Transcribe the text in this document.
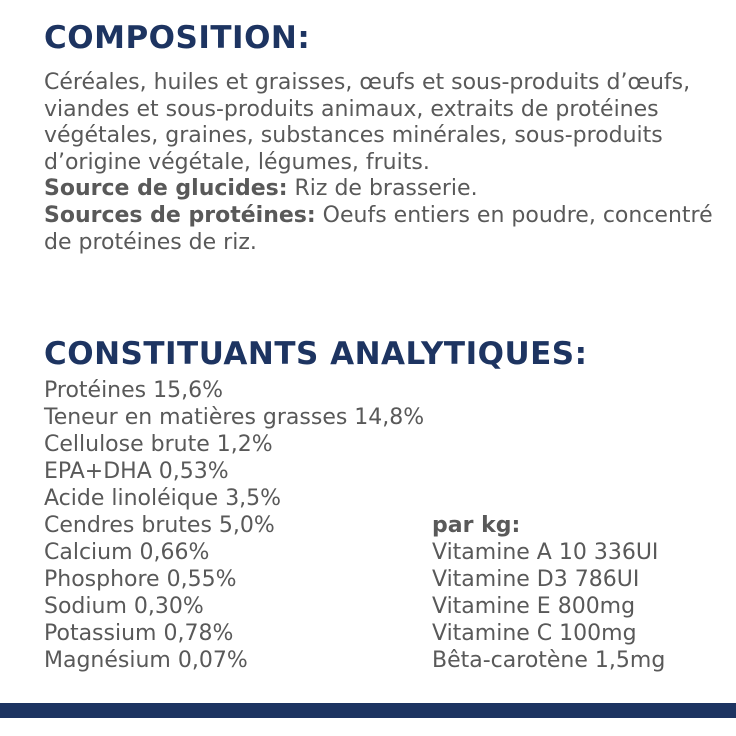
COMPOSITION:

Céréales, huiles et graisses, œufs et sous-produits d’œufs, viandes et sous-produits animaux, extraits de protéines végétales, graines, substances minérales, sous-produits d’origine végétale, légumes, fruits.

Source de glucides: Riz de brasserie.

Sources de protéines: Oeufs entiers en poudre, concentré de protéines de riz.

CONSTITUANTS ANALYTIQUES:
Protéines 15,6%
Teneur en matières grasses 14,8%
Cellulose brute 1,2%
EPA+DHA 0,53%
Acide linoléique 3,5%
Cendres brutes 5,0%
Calcium 0,66%
Phosphore 0,55%
Sodium 0,30%
Potassium 0,78%
Magnésium 0,07%
par kg:
Vitamine A 10 336UI
Vitamine D3 786UI
Vitamine E 800mg
Vitamine C 100mg
Bêta-carotène 1,5mg
